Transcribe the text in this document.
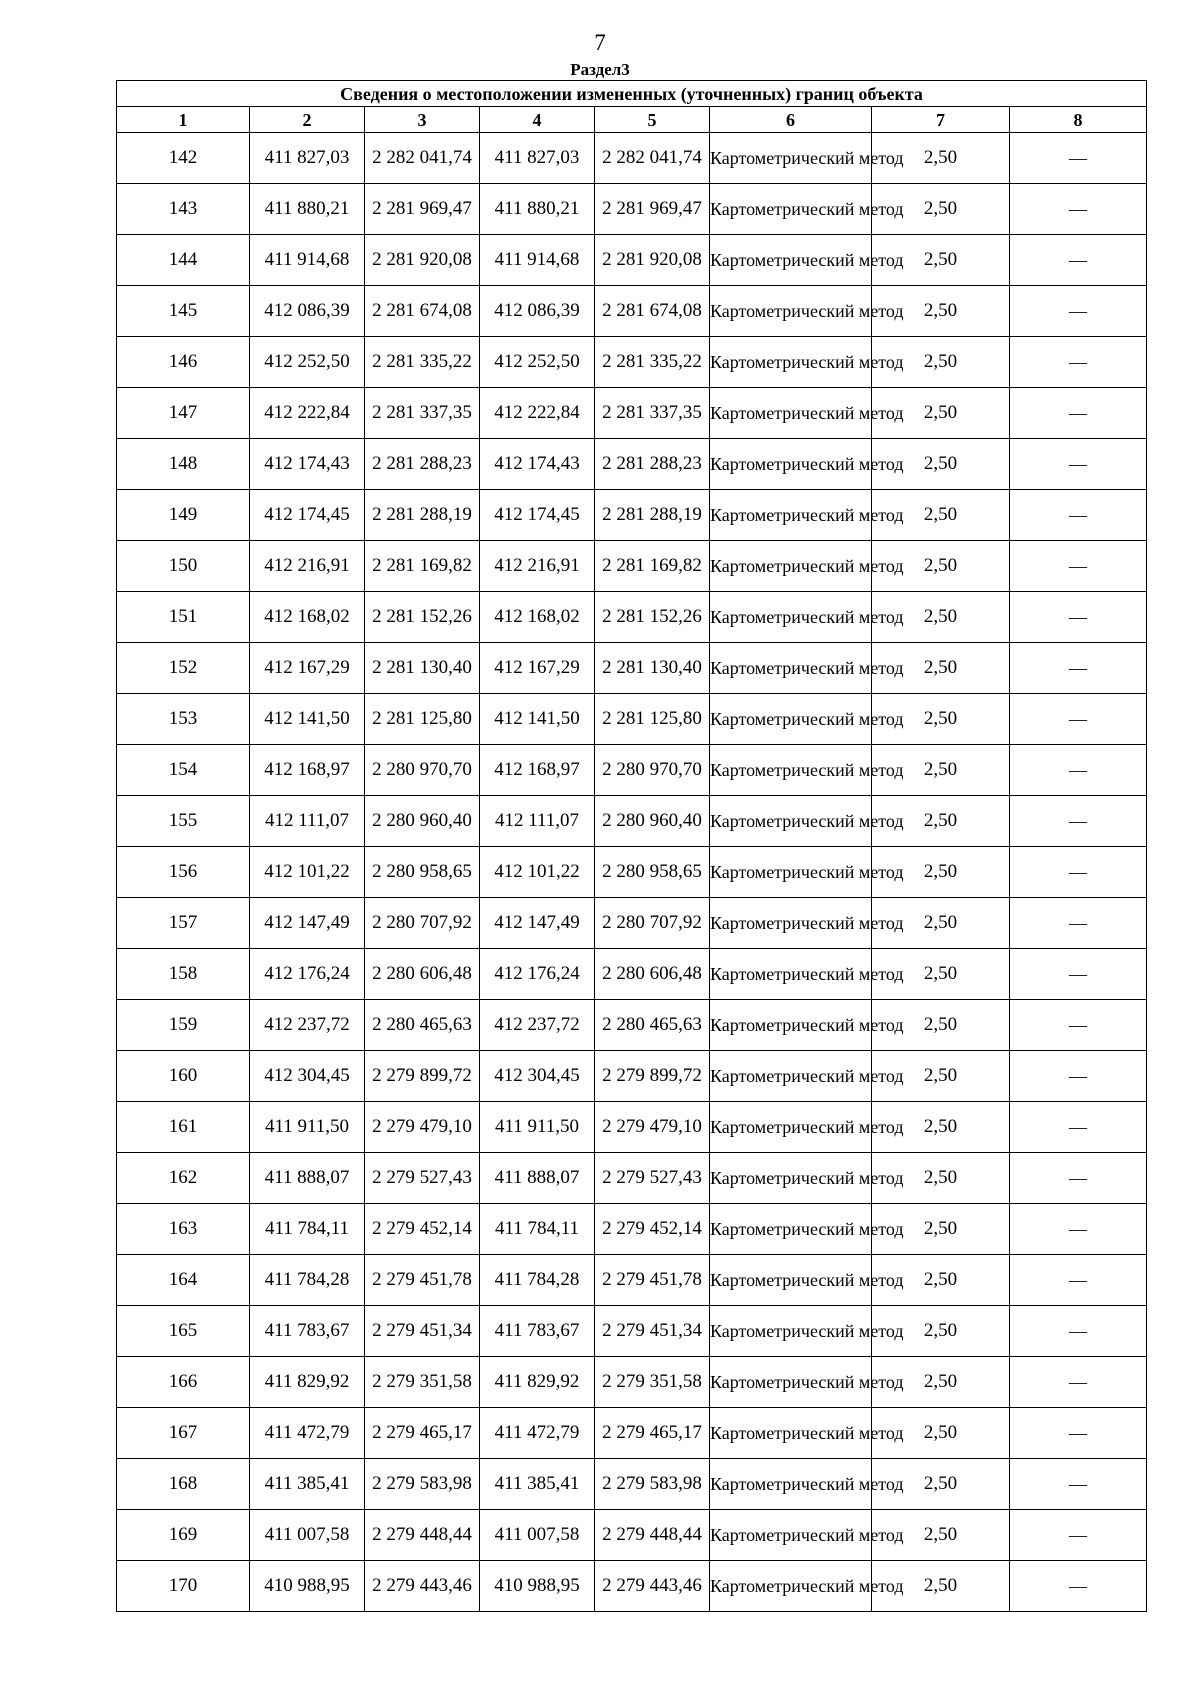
7
Раздел3
Сведения о местоположении измененных (уточненных) границ объекта							
1	2	3	4	5	6	7	8
142	411 827,03	2 282 041,74	411 827,03	2 282 041,74	Картометрический метод	2,50	—
143	411 880,21	2 281 969,47	411 880,21	2 281 969,47	Картометрический метод	2,50	—
144	411 914,68	2 281 920,08	411 914,68	2 281 920,08	Картометрический метод	2,50	—
145	412 086,39	2 281 674,08	412 086,39	2 281 674,08	Картометрический метод	2,50	—
146	412 252,50	2 281 335,22	412 252,50	2 281 335,22	Картометрический метод	2,50	—
147	412 222,84	2 281 337,35	412 222,84	2 281 337,35	Картометрический метод	2,50	—
148	412 174,43	2 281 288,23	412 174,43	2 281 288,23	Картометрический метод	2,50	—
149	412 174,45	2 281 288,19	412 174,45	2 281 288,19	Картометрический метод	2,50	—
150	412 216,91	2 281 169,82	412 216,91	2 281 169,82	Картометрический метод	2,50	—
151	412 168,02	2 281 152,26	412 168,02	2 281 152,26	Картометрический метод	2,50	—
152	412 167,29	2 281 130,40	412 167,29	2 281 130,40	Картометрический метод	2,50	—
153	412 141,50	2 281 125,80	412 141,50	2 281 125,80	Картометрический метод	2,50	—
154	412 168,97	2 280 970,70	412 168,97	2 280 970,70	Картометрический метод	2,50	—
155	412 111,07	2 280 960,40	412 111,07	2 280 960,40	Картометрический метод	2,50	—
156	412 101,22	2 280 958,65	412 101,22	2 280 958,65	Картометрический метод	2,50	—
157	412 147,49	2 280 707,92	412 147,49	2 280 707,92	Картометрический метод	2,50	—
158	412 176,24	2 280 606,48	412 176,24	2 280 606,48	Картометрический метод	2,50	—
159	412 237,72	2 280 465,63	412 237,72	2 280 465,63	Картометрический метод	2,50	—
160	412 304,45	2 279 899,72	412 304,45	2 279 899,72	Картометрический метод	2,50	—
161	411 911,50	2 279 479,10	411 911,50	2 279 479,10	Картометрический метод	2,50	—
162	411 888,07	2 279 527,43	411 888,07	2 279 527,43	Картометрический метод	2,50	—
163	411 784,11	2 279 452,14	411 784,11	2 279 452,14	Картометрический метод	2,50	—
164	411 784,28	2 279 451,78	411 784,28	2 279 451,78	Картометрический метод	2,50	—
165	411 783,67	2 279 451,34	411 783,67	2 279 451,34	Картометрический метод	2,50	—
166	411 829,92	2 279 351,58	411 829,92	2 279 351,58	Картометрический метод	2,50	—
167	411 472,79	2 279 465,17	411 472,79	2 279 465,17	Картометрический метод	2,50	—
168	411 385,41	2 279 583,98	411 385,41	2 279 583,98	Картометрический метод	2,50	—
169	411 007,58	2 279 448,44	411 007,58	2 279 448,44	Картометрический метод	2,50	—
170	410 988,95	2 279 443,46	410 988,95	2 279 443,46	Картометрический метод	2,50	—
